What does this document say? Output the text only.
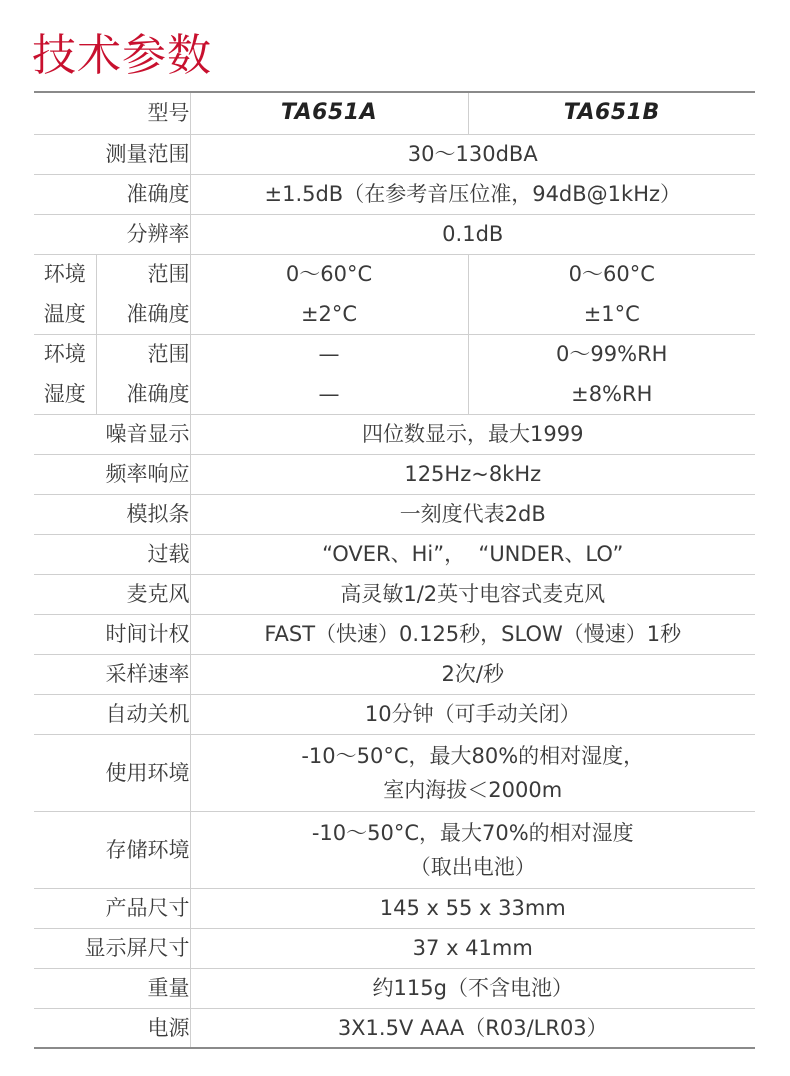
技术参数
型号		TA651A	TA651B
测量范围		30～130dBA	
准确度		±1.5dB（在参考音压位准，94dB@1kHz）	
分辨率		0.1dB	
环境	范围	0～60°C	0～60°C
温度	准确度	±2°C	±1°C
环境	范围	—	0～99%RH
湿度	准确度	—	±8%RH
噪音显示		四位数显示，最大1999	
频率响应		125Hz~8kHz	
模拟条		一刻度代表2dB	
过载		“OVER、Hi”，  “UNDER、LO”	
麦克风		高灵敏1/2英寸电容式麦克风	
时间计权		FAST（快速）0.125秒，SLOW（慢速）1秒	
采样速率		2次/秒	
自动关机		10分钟（可手动关闭）	
使用环境		-10～50°C，最大80%的相对湿度，
室内海拔＜2000m	

存储环境		-10～50°C，最大70%的相对湿度
（取出电池）	

产品尺寸		145 x 55 x 33mm	
显示屏尺寸		37 x 41mm	
重量		约115g（不含电池）	
电源		3X1.5V AAA（R03/LR03）	
